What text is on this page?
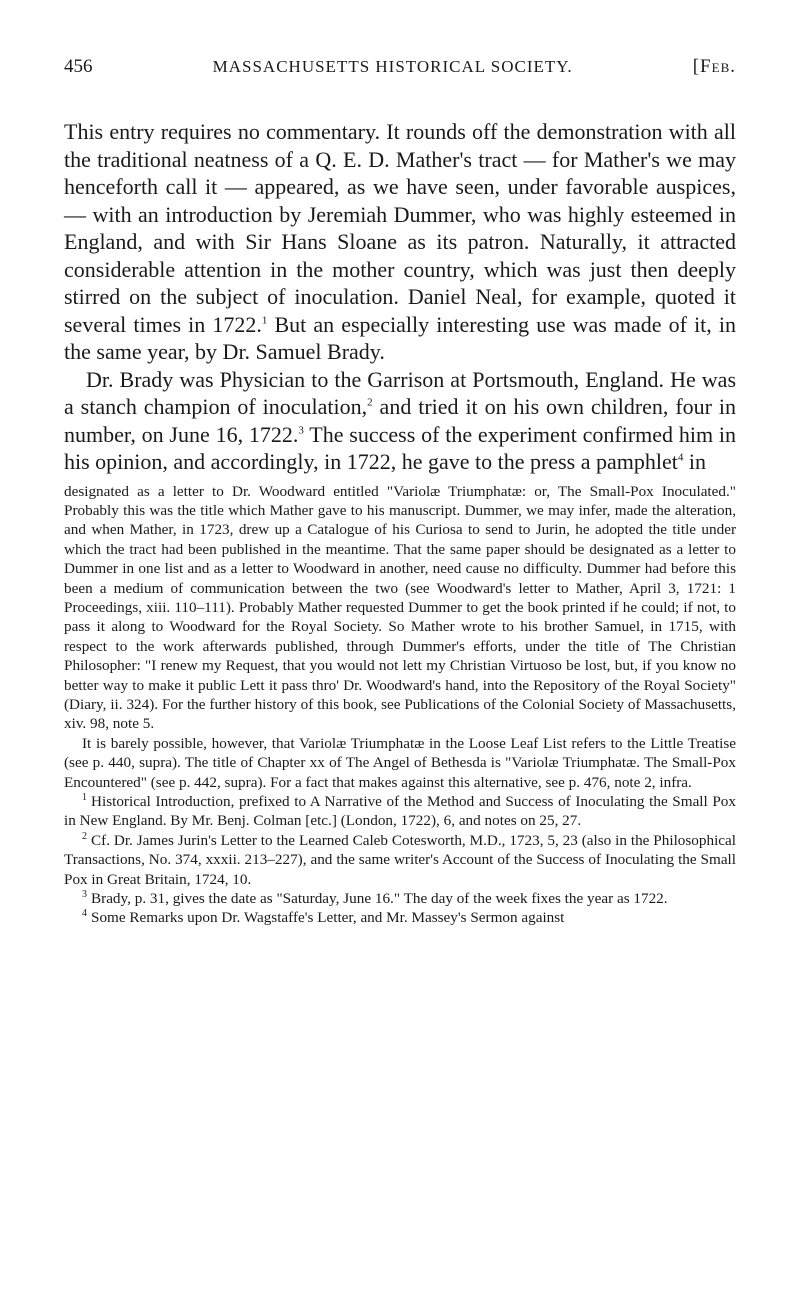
456	MASSACHUSETTS HISTORICAL SOCIETY.	[Feb.

This entry requires no commentary. It rounds off the demonstration with all the traditional neatness of a Q. E. D. Mather's tract — for Mather's we may henceforth call it — appeared, as we have seen, under favorable auspices, — with an introduction by Jeremiah Dummer, who was highly esteemed in England, and with Sir Hans Sloane as its patron. Naturally, it attracted considerable attention in the mother country, which was just then deeply stirred on the subject of inoculation. Daniel Neal, for example, quoted it several times in 1722.$^1$ But an especially interesting use was made of it, in the same year, by Dr. Samuel Brady.

Dr. Brady was Physician to the Garrison at Portsmouth, England. He was a stanch champion of inoculation,$^2$ and tried it on his own children, four in number, on June 16, 1722.$^3$ The success of the experiment confirmed him in his opinion, and accordingly, in 1722, he gave to the press a pamphlet$^4$ in

designated as a letter to Dr. Woodward entitled "Variolæ Triumphatæ: or, The Small-Pox Inoculated." Probably this was the title which Mather gave to his manuscript. Dummer, we may infer, made the alteration, and when Mather, in 1723, drew up a Catalogue of his Curiosa to send to Jurin, he adopted the title under which the tract had been published in the meantime. That the same paper should be designated as a letter to Dummer in one list and as a letter to Woodward in another, need cause no difficulty. Dummer had before this been a medium of communication between the two (see Woodward's letter to Mather, April 3, 1721: 1 Proceedings, xiii. 110–111). Probably Mather requested Dummer to get the book printed if he could; if not, to pass it along to Woodward for the Royal Society. So Mather wrote to his brother Samuel, in 1715, with respect to the work afterwards published, through Dummer's efforts, under the title of The Christian Philosopher: "I renew my Request, that you would not lett my Christian Virtuoso be lost, but, if you know no better way to make it public Lett it pass thro' Dr. Woodward's hand, into the Repository of the Royal Society" (Diary, ii. 324). For the further history of this book, see Publications of the Colonial Society of Massachusetts, xiv. 98, note 5.

It is barely possible, however, that Variolæ Triumphatæ in the Loose Leaf List refers to the Little Treatise (see p. 440, supra). The title of Chapter xx of The Angel of Bethesda is "Variolæ Triumphatæ. The Small-Pox Encountered" (see p. 442, supra). For a fact that makes against this alternative, see p. 476, note 2, infra.

$^1$ Historical Introduction, prefixed to A Narrative of the Method and Success of Inoculating the Small Pox in New England. By Mr. Benj. Colman [etc.] (London, 1722), 6, and notes on 25, 27.

$^2$ Cf. Dr. James Jurin's Letter to the Learned Caleb Cotesworth, M.D., 1723, 5, 23 (also in the Philosophical Transactions, No. 374, xxxii. 213–227), and the same writer's Account of the Success of Inoculating the Small Pox in Great Britain, 1724, 10.

$^3$ Brady, p. 31, gives the date as "Saturday, June 16." The day of the week fixes the year as 1722.

$^4$ Some Remarks upon Dr. Wagstaffe's Letter, and Mr. Massey's Sermon against
